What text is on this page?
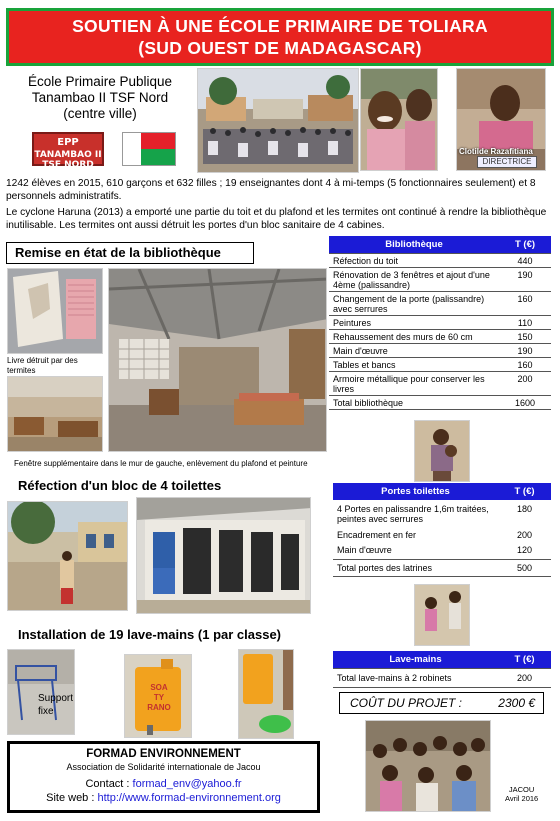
SOUTIEN À UNE ÉCOLE PRIMAIRE DE TOLIARA
(SUD OUEST DE MADAGASCAR)
École Primaire Publique
Tanambao II TSF Nord
(centre ville)
EPP
TANAMBAO II
TSF NORD
Clotilde Razafitiana
DIRECTRICE

1242 élèves en 2015, 610 garçons et 632 filles ; 19 enseignantes dont 4 à mi-temps (5 fonctionnaires seulement) et 8 personnels administratifs.

Le cyclone Haruna (2013) a emporté une partie du toit et du plafond et les termites ont continué à rendre la bibliothèque inutilisable. Les termites ont aussi détruit les portes d'un bloc sanitaire de 4 cabines.

Remise en état de la bibliothèque
Livre détruit par des termites
Fenêtre supplémentaire dans le mur de gauche, enlèvement du plafond et peinture
Bibliothèque	T (€)
Réfection du toit	440
Rénovation de 3 fenêtres et ajout d'une 4ème (palissandre)	190
Changement de la porte (palissandre) avec serrures	160
Peintures	110
Rehaussement des murs de 60 cm	150
Main d'œuvre	190
Tables et bancs	160
Armoire métallique pour conserver les livres	200
Total bibliothèque	1600
Réfection d'un bloc de 4 toilettes	Portes toilettes	T (€)
4 Portes en palissandre 1,6m traitées, peintes avec serrures	180
Encadrement en fer	200
Main d'œuvre	120
Total portes des latrines	500
Installation de 19 lave-mains (1 par classe)
Support fixe
SOA TY RANO
Lave-mains	T (€)
Total lave-mains à 2 robinets	200
COÛT DU PROJET :	2300 €
FORMAD ENVIRONNEMENT
Association de Solidarité internationale de Jacou
Contact : formad_env@yahoo.fr
Site web : http://www.formad-environnement.org
JACOU
Avril 2016
